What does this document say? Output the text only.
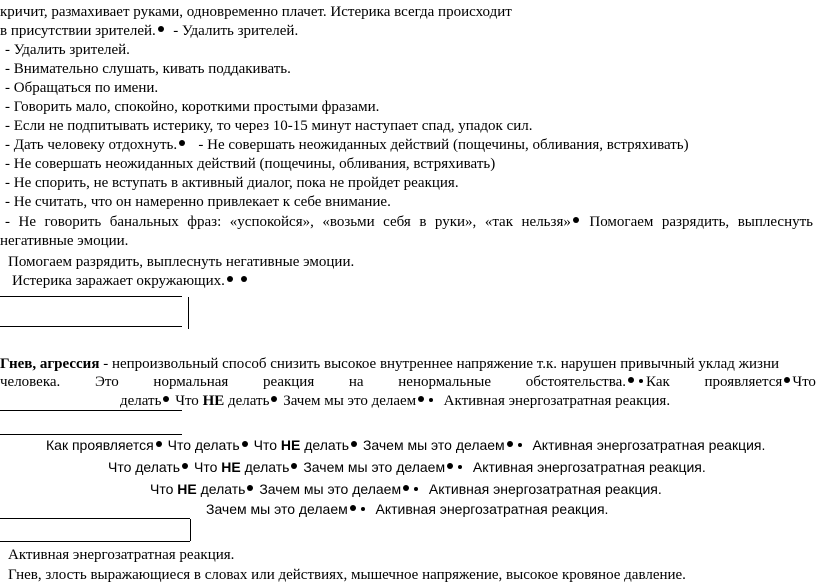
кричит, размахивает руками, одновременно плачет. Истерика всегда происходит
в присутствии зрителей. - Удалить зрителей.
- Удалить зрителей.
- Внимательно слушать, кивать поддакивать.
- Обращаться по имени.
- Говорить мало, спокойно, короткими простыми фразами.
- Если не подпитывать истерику, то через 10-15 минут наступает спад, упадок сил.
- Дать человеку отдохнуть. - Не совершать неожиданных действий (пощечины, обливания, встряхивать)
- Не совершать неожиданных действий (пощечины, обливания, встряхивать)
- Не спорить, не вступать в активный диалог, пока не пройдет реакция.
- Не считать, что он намеренно привлекает к себе внимание.
- Не говорить банальных фраз: «успокойся», «возьми себя в руки», «так нельзя»	Помогаем разрядить, выплеснуть
негативные эмоции.
Помогаем разрядить, выплеснуть негативные эмоции.
Истерика заражает окружающих.
Гнев, агрессия - непроизвольный способ снизить высокое внутреннее напряжение т.к. нарушен привычный уклад жизни
человека. Это нормальная реакция на ненормальные обстоятельства. Как проявляется Что
делать Что НЕ делать Зачем мы это делаем Активная энергозатратная реакция.
Как проявляется Что делать Что НЕ делать Зачем мы это делаем Активная энергозатратная реакция.
Что делать Что НЕ делать Зачем мы это делаем Активная энергозатратная реакция.
Что НЕ делать Зачем мы это делаем Активная энергозатратная реакция.
Зачем мы это делаем Активная энергозатратная реакция.
Активная энергозатратная реакция.
Гнев, злость выражающиеся в словах или действиях, мышечное напряжение, высокое кровяное давление.
